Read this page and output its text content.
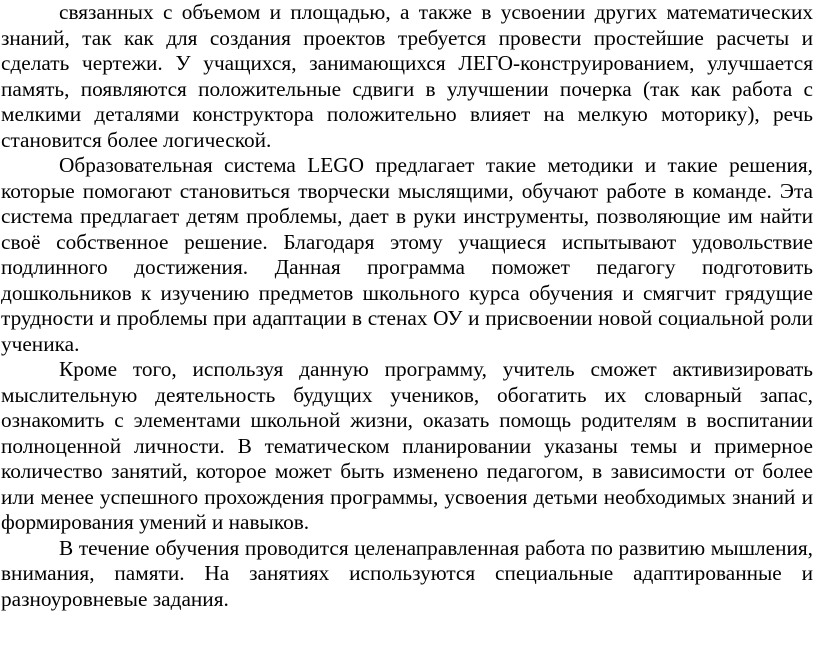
связанных с объемом и площадью, а также в усвоении других математических знаний, так как для создания проектов требуется провести простейшие расчеты и сделать чертежи. У учащихся, занимающихся ЛЕГО-конструированием, улучшается память, появляются положительные сдвиги в улучшении почерка (так как работа с мелкими деталями конструктора положительно влияет на мелкую моторику), речь становится более логической.

Образовательная система LEGO предлагает такие методики и такие решения, которые помогают становиться творчески мыслящими, обучают работе в команде. Эта система предлагает детям проблемы, дает в руки инструменты, позволяющие им найти своё собственное решение. Благодаря этому учащиеся испытывают удовольствие подлинного достижения. Данная программа поможет педагогу подготовить дошкольников к изучению предметов школьного курса обучения и смягчит грядущие трудности и проблемы при адаптации в стенах ОУ и присвоении новой социальной роли ученика.

Кроме того, используя данную программу, учитель сможет активизировать мыслительную деятельность будущих учеников, обогатить их словарный запас, ознакомить с элементами школьной жизни, оказать помощь родителям в воспитании полноценной личности. В тематическом планировании указаны темы и примерное количество занятий, которое может быть изменено педагогом, в зависимости от более или менее успешного прохождения программы, усвоения детьми необходимых знаний и формирования умений и навыков.

В течение обучения проводится целенаправленная работа по развитию мышления, внимания, памяти. На занятиях используются специальные адаптированные и разноуровневые задания.
